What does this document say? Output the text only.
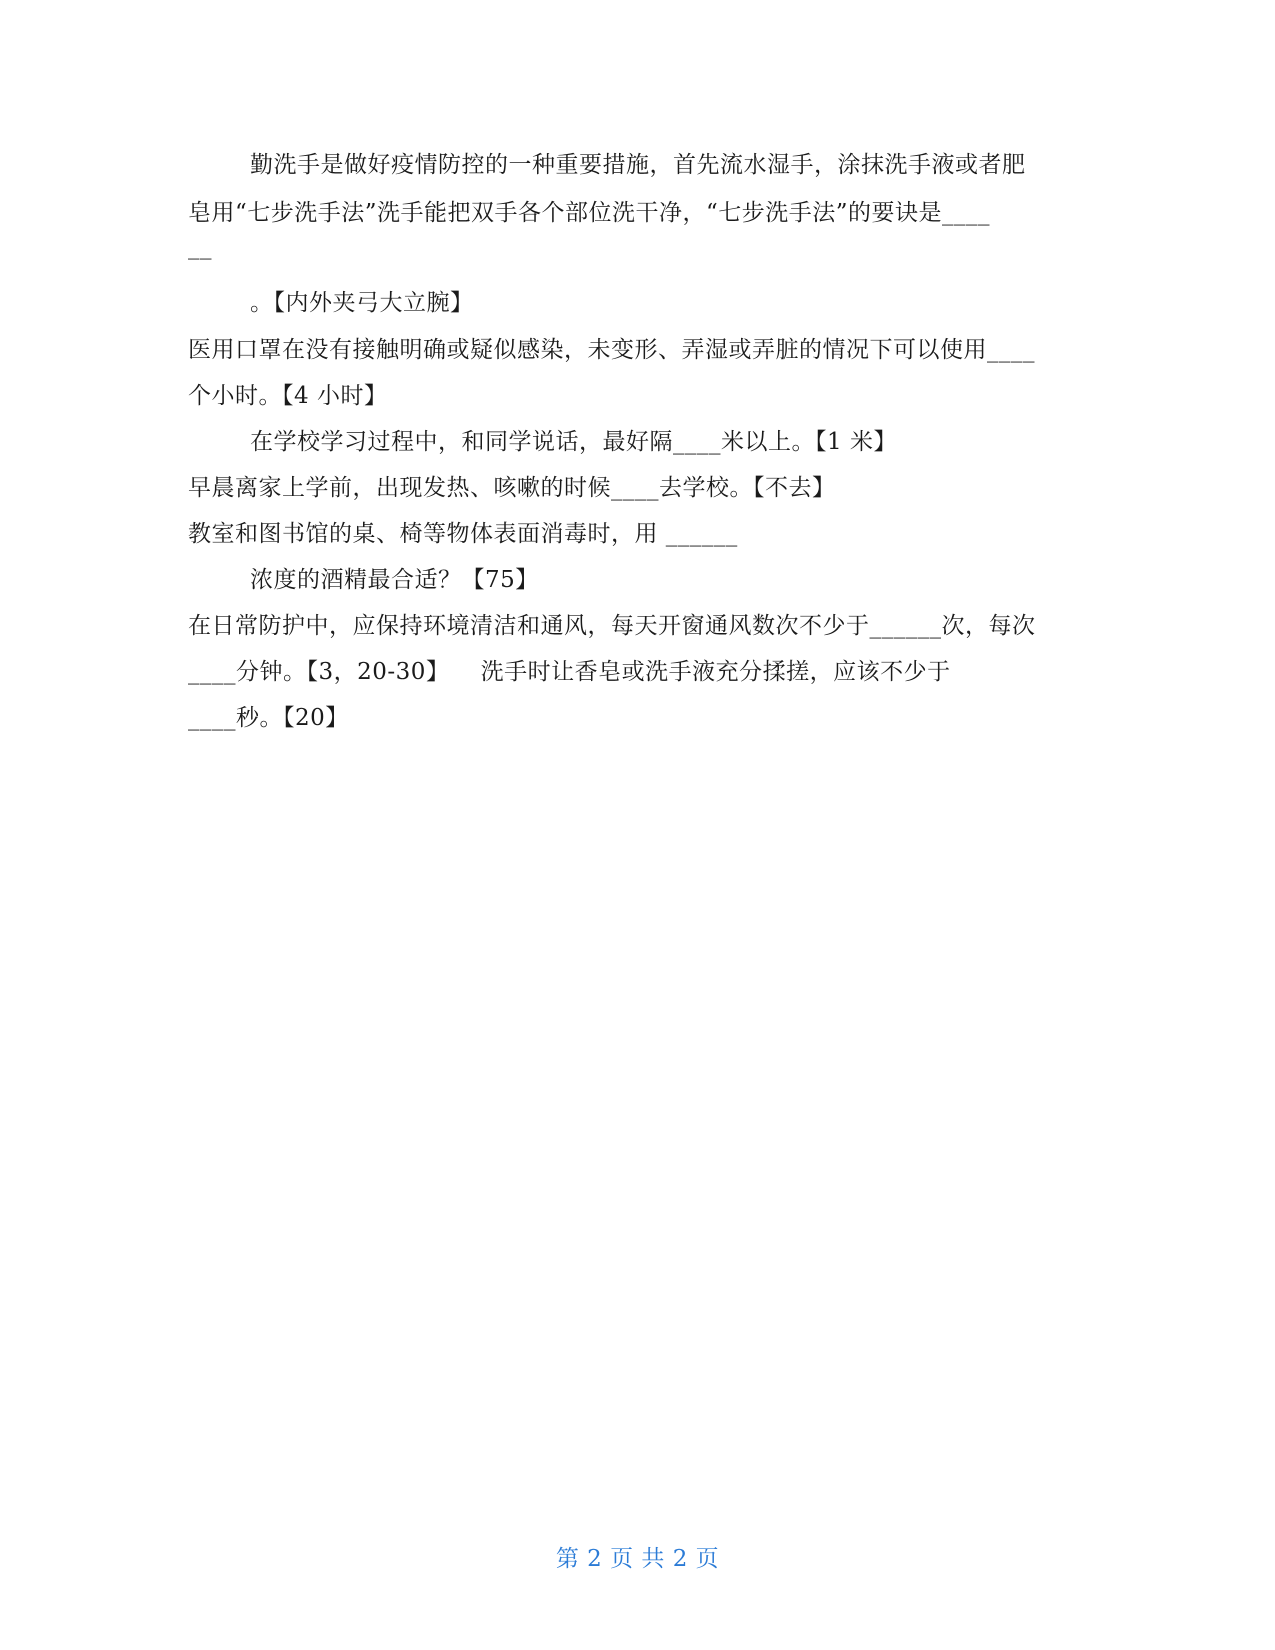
勤洗手是做好疫情防控的一种重要措施，首先流水湿手，涂抹洗手液或者肥
皂用“七步洗手法”洗手能把双手各个部位洗干净，“七步洗手法”的要诀是____
__
。【内外夹弓大立腕】
医用口罩在没有接触明确或疑似感染，未变形、弄湿或弄脏的情况下可以使用____
个小时。【4 小时】
在学校学习过程中，和同学说话，最好隔____米以上。【1 米】
早晨离家上学前，出现发热、咳嗽的时候____去学校。【不去】
教室和图书馆的桌、椅等物体表面消毒时，用 ______
浓度的酒精最合适？【75】
在日常防护中，应保持环境清洁和通风，每天开窗通风数次不少于______次，每次
____分钟。【3，20-30】    洗手时让香皂或洗手液充分揉搓，应该不少于
____秒。【20】
第 2 页 共 2 页
